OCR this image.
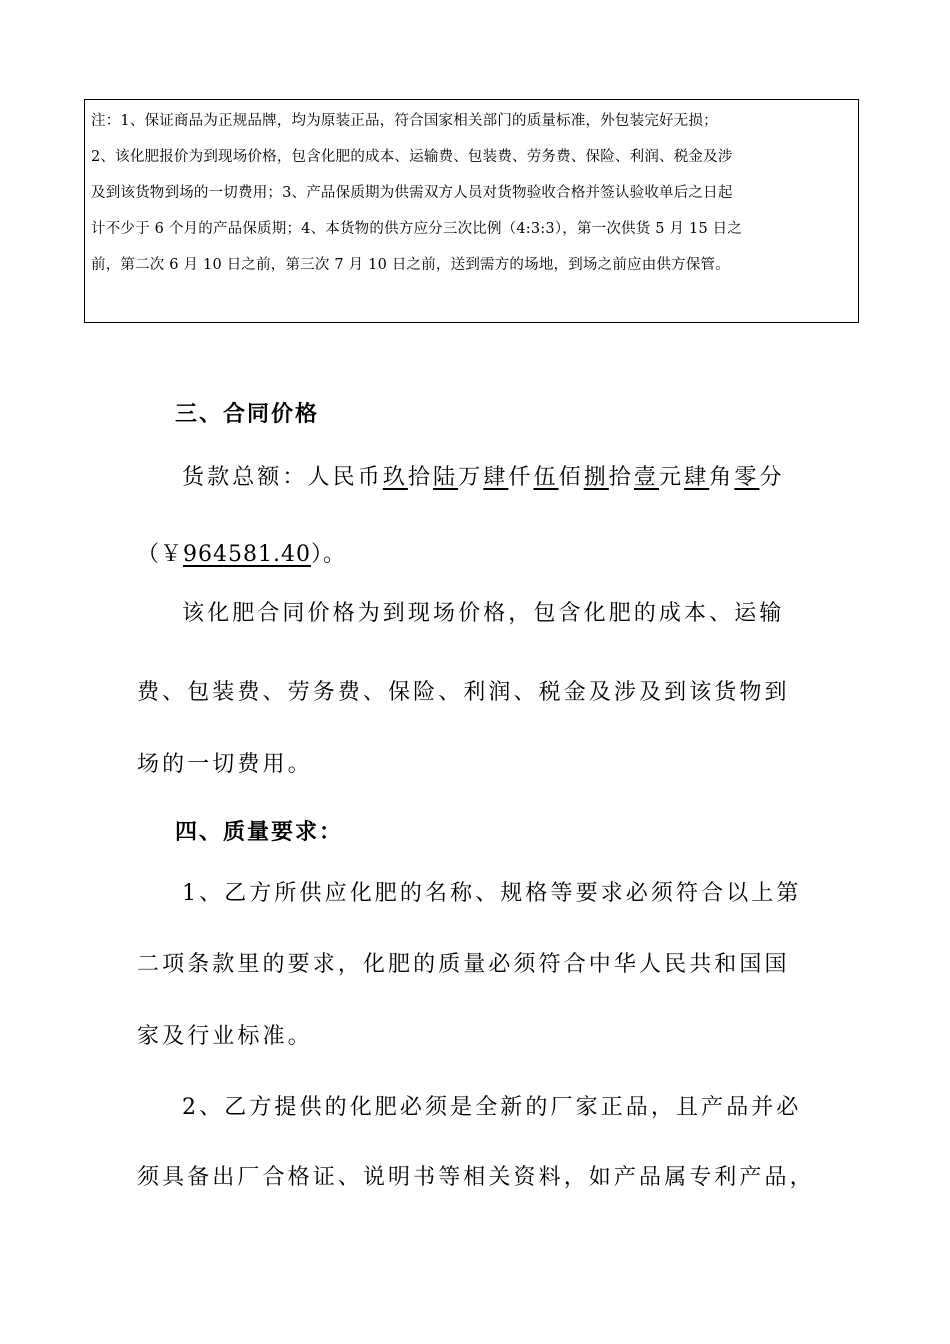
注：1、保证商品为正规品牌，均为原装正品，符合国家相关部门的质量标准，外包装完好无损；
2、该化肥报价为到现场价格，包含化肥的成本、运输费、包装费、劳务费、保险、利润、税金及涉
及到该货物到场的一切费用；3、产品保质期为供需双方人员对货物验收合格并签认验收单后之日起
计不少于 6 个月的产品保质期；4、本货物的供方应分三次比例（4:3:3），第一次供货 5 月 15 日之
前，第二次 6 月 10 日之前，第三次 7 月 10 日之前，送到需方的场地，到场之前应由供方保管。
三、合同价格
货款总额：人民币玖拾陆万肆仟伍佰捌拾壹元肆角零分
（￥964581.40）。
该化肥合同价格为到现场价格，包含化肥的成本、运输
费、包装费、劳务费、保险、利润、税金及涉及到该货物到
场的一切费用。
四、质量要求：
1、乙方所供应化肥的名称、规格等要求必须符合以上第
二项条款里的要求，化肥的质量必须符合中华人民共和国国
家及行业标准。
2、乙方提供的化肥必须是全新的厂家正品，且产品并必
须具备出厂合格证、说明书等相关资料，如产品属专利产品，
